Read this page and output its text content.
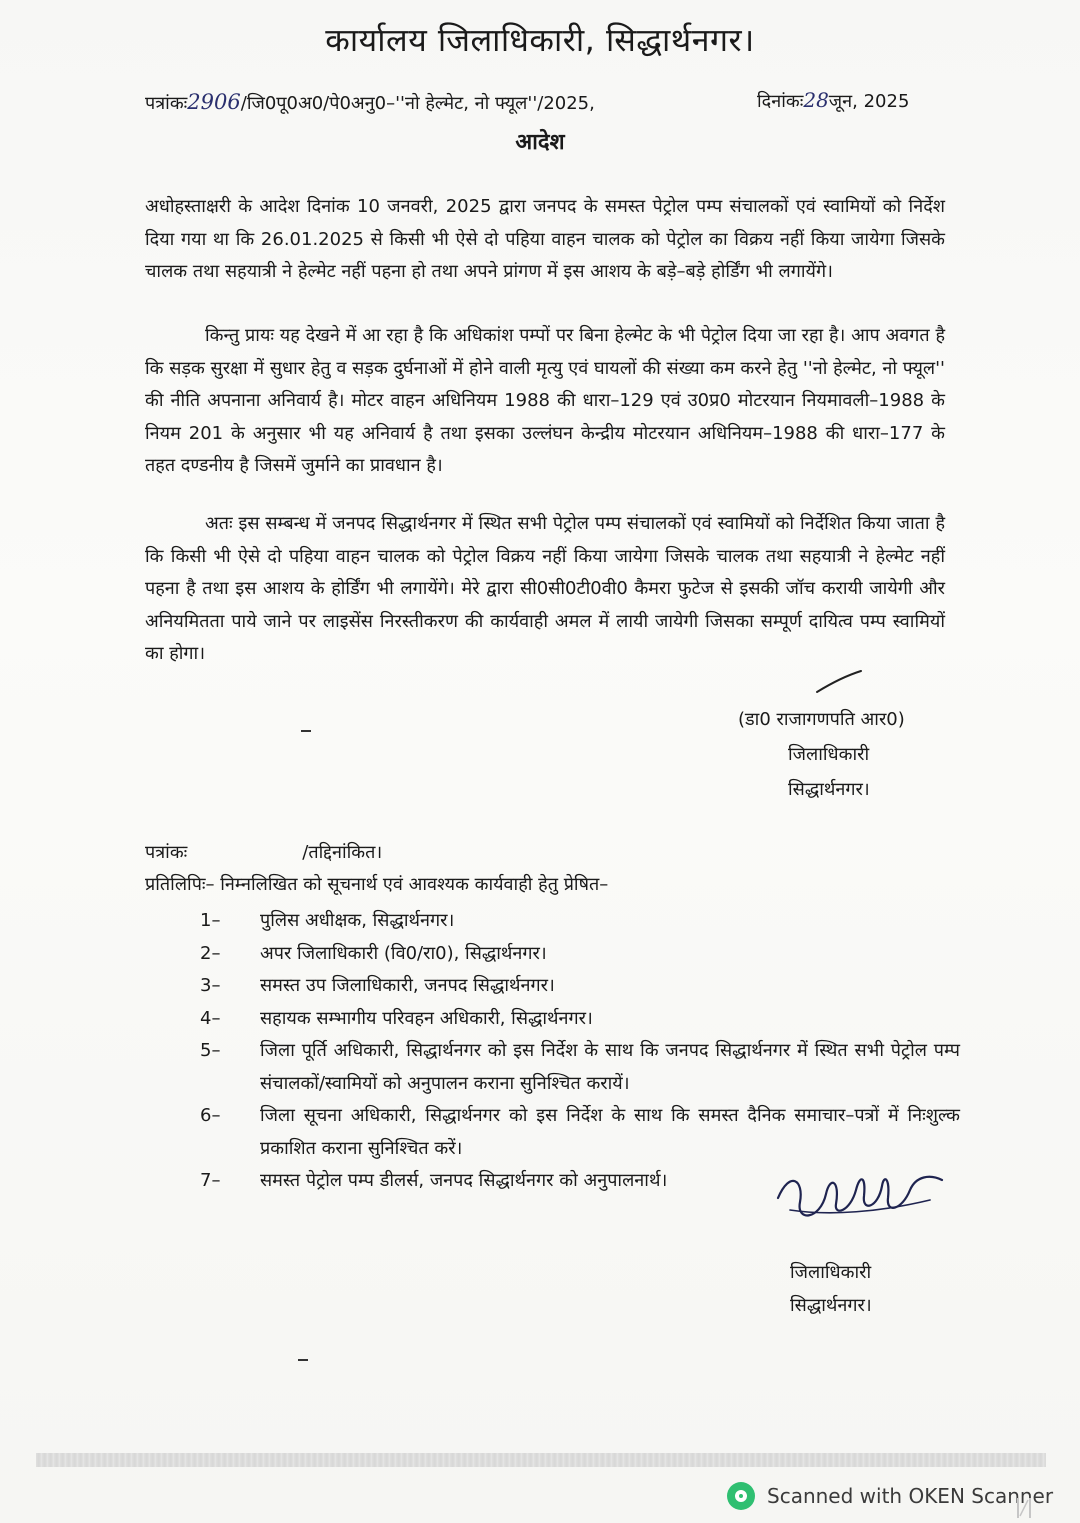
कार्यालय जिलाधिकारी, सिद्धार्थनगर।
पत्रांकः2906/जि0पू0अ0/पे0अनु0–''नो हेल्मेट, नो फ्यूल''/2025,	दिनांकः28जून, 2025
आदेश
अधोहस्ताक्षरी के आदेश दिनांक 10 जनवरी, 2025 द्वारा जनपद के समस्त पेट्रोल पम्प संचालकों एवं स्वामियों को निर्देश दिया गया था कि 26.01.2025 से किसी भी ऐसे दो पहिया वाहन चालक को पेट्रोल का विक्रय नहीं किया जायेगा जिसके चालक तथा सहयात्री ने हेल्मेट नहीं पहना हो तथा अपने प्रांगण में इस आशय के बड़े–बड़े होर्डिंग भी लगायेंगे।
किन्तु प्रायः यह देखने में आ रहा है कि अधिकांश पम्पों पर बिना हेल्मेट के भी पेट्रोल दिया जा रहा है। आप अवगत है कि सड़क सुरक्षा में सुधार हेतु व सड़क दुर्घनाओं में होने वाली मृत्यु एवं घायलों की संख्या कम करने हेतु ''नो हेल्मेट, नो फ्यूल'' की नीति अपनाना अनिवार्य है। मोटर वाहन अधिनियम 1988 की धारा–129 एवं उ0प्र0 मोटरयान नियमावली–1988 के नियम 201 के अनुसार भी यह अनिवार्य है तथा इसका उल्लंघन केन्द्रीय मोटरयान अधिनियम–1988 की धारा–177 के तहत दण्डनीय है जिसमें जुर्माने का प्रावधान है।
अतः इस सम्बन्ध में जनपद सिद्धार्थनगर में स्थित सभी पेट्रोल पम्प संचालकों एवं स्वामियों को निर्देशित किया जाता है कि किसी भी ऐसे दो पहिया वाहन चालक को पेट्रोल विक्रय नहीं किया जायेगा जिसके चालक तथा सहयात्री ने हेल्मेट नहीं पहना है तथा इस आशय के होर्डिंग भी लगायेंगे। मेरे द्वारा सी0सी0टी0वी0 कैमरा फुटेज से इसकी जॉच करायी जायेगी और अनियमितता पाये जाने पर लाइसेंस निरस्तीकरण की कार्यवाही अमल में लायी जायेगी जिसका सम्पूर्ण दायित्व पम्प स्वामियों का होगा।
(डा0 राजागणपति आर0)
जिलाधिकारी
सिद्धार्थनगर।
पत्रांकः	/तद्दिनांकित।
प्रतिलिपिः– निम्नलिखित को सूचनार्थ एवं आवश्यक कार्यवाही हेतु प्रेषित–
1– पुलिस अधीक्षक, सिद्धार्थनगर।
2– अपर जिलाधिकारी (वि0/रा0), सिद्धार्थनगर।
3– समस्त उप जिलाधिकारी, जनपद सिद्धार्थनगर।
4– सहायक सम्भागीय परिवहन अधिकारी, सिद्धार्थनगर।
5– जिला पूर्ति अधिकारी, सिद्धार्थनगर को इस निर्देश के साथ कि जनपद सिद्धार्थनगर में स्थित सभी पेट्रोल पम्प संचालकों/स्वामियों को अनुपालन कराना सुनिश्चित करायें।
6– जिला सूचना अधिकारी, सिद्धार्थनगर को इस निर्देश के साथ कि समस्त दैनिक समाचार–पत्रों में निःशुल्क प्रकाशित कराना सुनिश्चित करें।
7– समस्त पेट्रोल पम्प डीलर्स, जनपद सिद्धार्थनगर को अनुपालनार्थ।
जिलाधिकारी
सिद्धार्थनगर।
Scanned with OKEN Scanner
